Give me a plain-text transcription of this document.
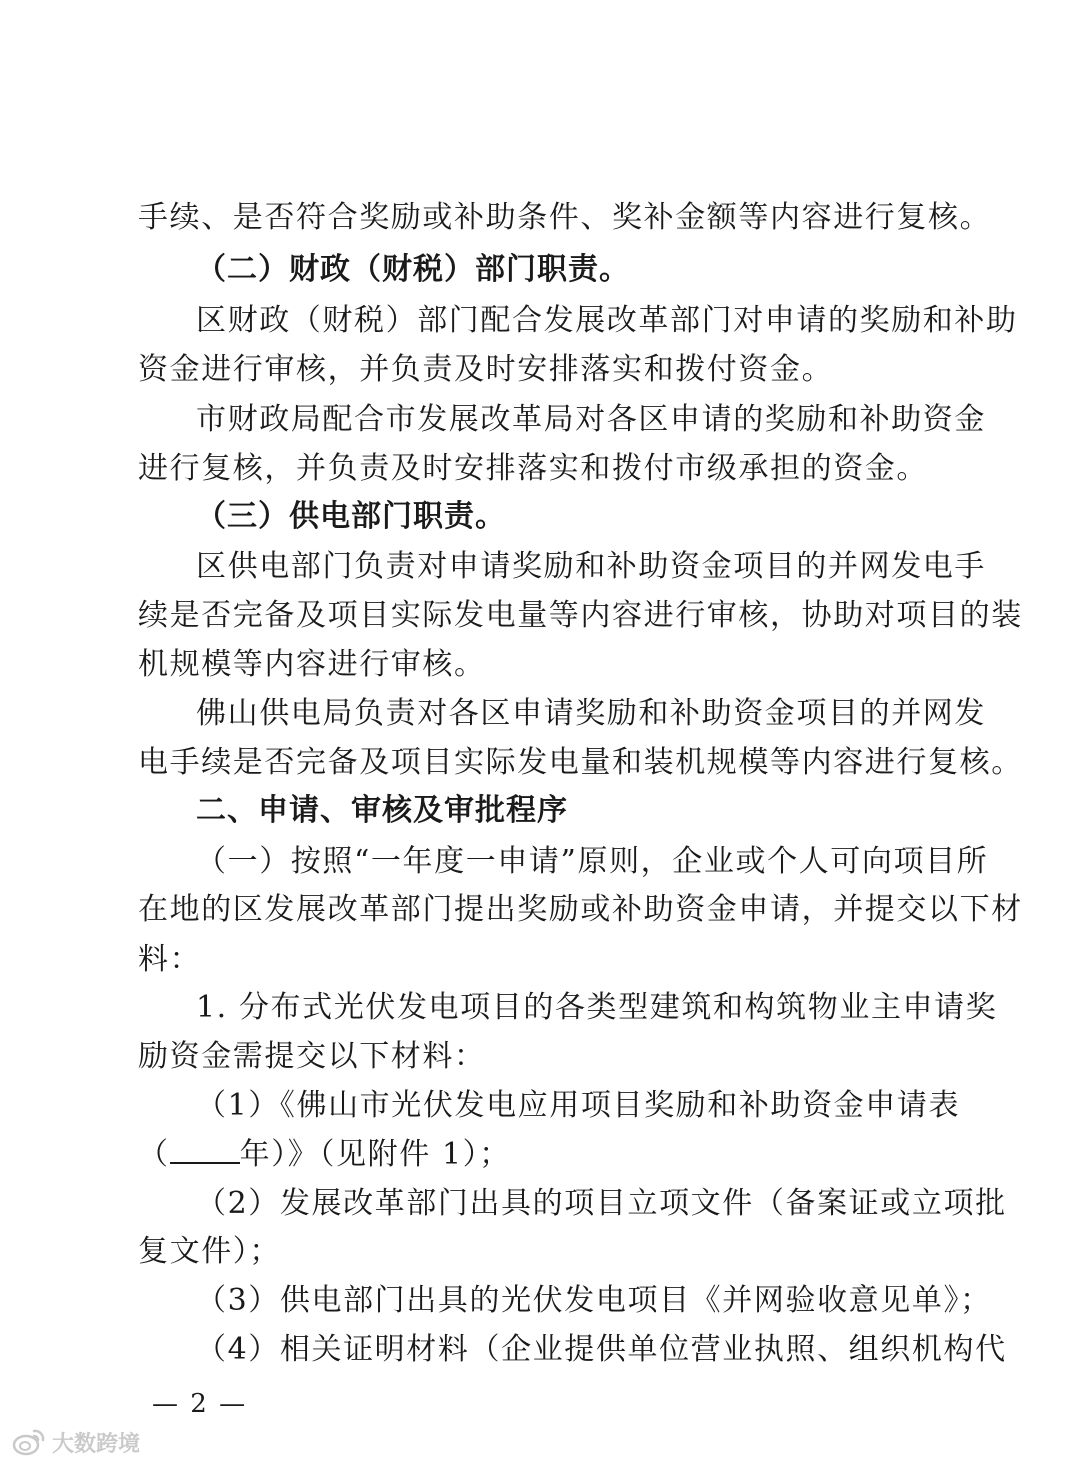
手续、是否符合奖励或补助条件、奖补金额等内容进行复核。
（二）财政（财税）部门职责。
区财政（财税）部门配合发展改革部门对申请的奖励和补助
资金进行审核，并负责及时安排落实和拨付资金。
市财政局配合市发展改革局对各区申请的奖励和补助资金
进行复核，并负责及时安排落实和拨付市级承担的资金。
（三）供电部门职责。
区供电部门负责对申请奖励和补助资金项目的并网发电手
续是否完备及项目实际发电量等内容进行审核，协助对项目的装
机规模等内容进行审核。
佛山供电局负责对各区申请奖励和补助资金项目的并网发
电手续是否完备及项目实际发电量和装机规模等内容进行复核。
二、申请、审核及审批程序
（一）按照“一年度一申请”原则，企业或个人可向项目所
在地的区发展改革部门提出奖励或补助资金申请，并提交以下材
料：
1. 分布式光伏发电项目的各类型建筑和构筑物业主申请奖
励资金需提交以下材料：
（1）《佛山市光伏发电应用项目奖励和补助资金申请表
（ 年）》（见附件 1）；
（2）发展改革部门出具的项目立项文件（备案证或立项批
复文件）；
（3）供电部门出具的光伏发电项目《并网验收意见单》；
（4）相关证明材料（企业提供单位营业执照、组织机构代
— 2 —
大数跨境
